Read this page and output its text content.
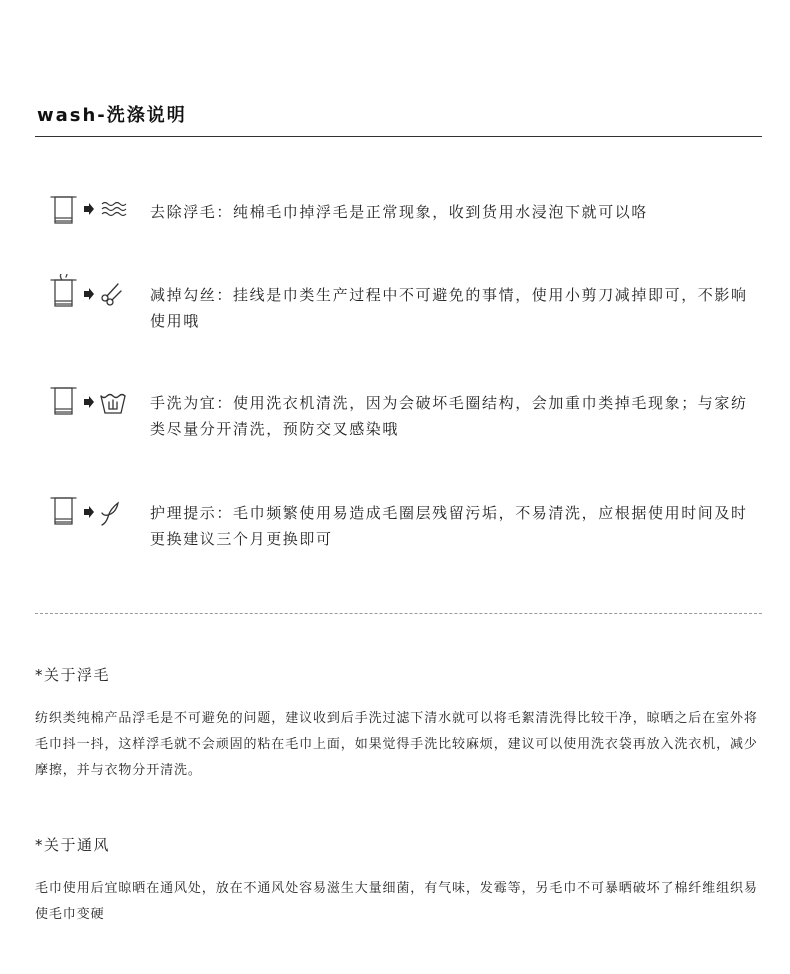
wash-洗涤说明
去除浮毛：纯棉毛巾掉浮毛是正常现象，收到货用水浸泡下就可以咯
减掉勾丝：挂线是巾类生产过程中不可避免的事情，使用小剪刀减掉即可，不影响使用哦
手洗为宜：使用洗衣机清洗，因为会破坏毛圈结构，会加重巾类掉毛现象；与家纺类尽量分开清洗，预防交叉感染哦
护理提示：毛巾频繁使用易造成毛圈层残留污垢，不易清洗，应根据使用时间及时更换建议三个月更换即可
*关于浮毛

纺织类纯棉产品浮毛是不可避免的问题，建议收到后手洗过滤下清水就可以将毛絮清洗得比较干净，晾晒之后在室外将毛巾抖一抖，这样浮毛就不会顽固的粘在毛巾上面，如果觉得手洗比较麻烦，建议可以使用洗衣袋再放入洗衣机，减少摩擦，并与衣物分开清洗。

*关于通风

毛巾使用后宜晾晒在通风处，放在不通风处容易滋生大量细菌，有气味，发霉等，另毛巾不可暴晒破坏了棉纤维组织易使毛巾变硬
